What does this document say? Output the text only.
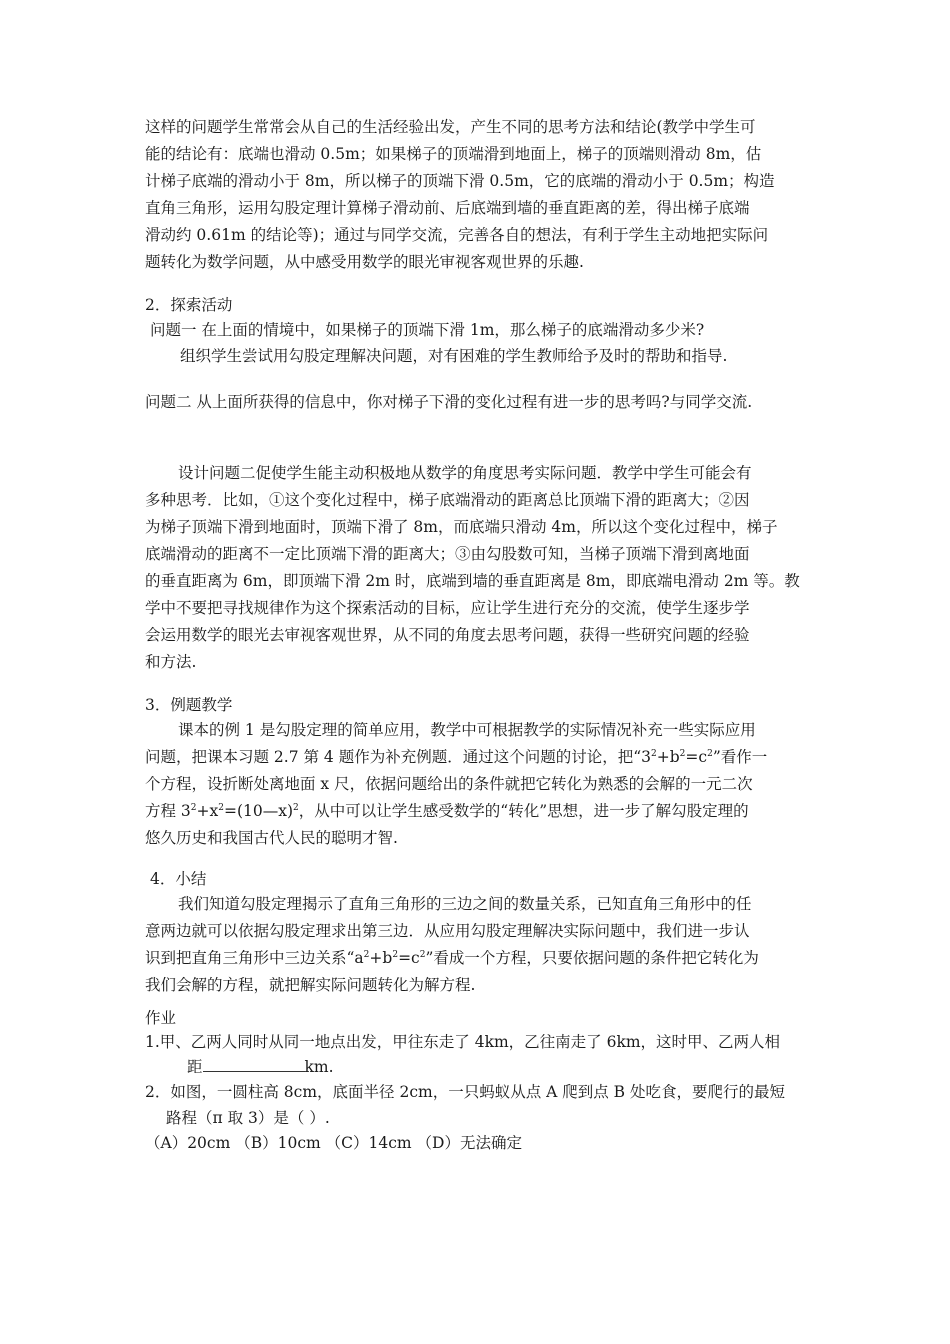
这样的问题学生常常会从自己的生活经验出发，产生不同的思考方法和结论(教学中学生可
能的结论有：底端也滑动 0.5m；如果梯子的顶端滑到地面上，梯子的顶端则滑动 8m，估
计梯子底端的滑动小于 8m，所以梯子的顶端下滑 0.5m，它的底端的滑动小于 0.5m；构造
直角三角形，运用勾股定理计算梯子滑动前、后底端到墙的垂直距离的差，得出梯子底端
滑动约 0.61m 的结论等)；通过与同学交流，完善各自的想法，有利于学生主动地把实际问
题转化为数学问题，从中感受用数学的眼光审视客观世界的乐趣.
2．探索活动
问题一 在上面的情境中，如果梯子的顶端下滑 1m，那么梯子的底端滑动多少米?
组织学生尝试用勾股定理解决问题，对有困难的学生教师给予及时的帮助和指导.
问题二 从上面所获得的信息中，你对梯子下滑的变化过程有进一步的思考吗?与同学交流.
设计问题二促使学生能主动积极地从数学的角度思考实际问题．教学中学生可能会有
多种思考．比如，①这个变化过程中，梯子底端滑动的距离总比顶端下滑的距离大；②因
为梯子顶端下滑到地面时，顶端下滑了 8m，而底端只滑动 4m，所以这个变化过程中，梯子
底端滑动的距离不一定比顶端下滑的距离大；③由勾股数可知，当梯子顶端下滑到离地面
的垂直距离为 6m，即顶端下滑 2m 时，底端到墙的垂直距离是 8m，即底端电滑动 2m 等。教
学中不要把寻找规律作为这个探索活动的目标，应让学生进行充分的交流，使学生逐步学
会运用数学的眼光去审视客观世界，从不同的角度去思考问题，获得一些研究问题的经验
和方法.
3．例题教学
课本的例 1 是勾股定理的简单应用，教学中可根据教学的实际情况补充一些实际应用
问题，把课本习题 2.7 第 4 题作为补充例题．通过这个问题的讨论，把“$3^2+b^2=c^2$”看作一
个方程，设折断处离地面 x 尺，依据问题给出的条件就把它转化为熟悉的会解的一元二次
方程 $3^2+x^2=(10—x)^2$，从中可以让学生感受数学的“转化”思想，进一步了解勾股定理的
悠久历史和我国古代人民的聪明才智.
4．小结
我们知道勾股定理揭示了直角三角形的三边之间的数量关系，已知直角三角形中的任
意两边就可以依据勾股定理求出第三边．从应用勾股定理解决实际问题中，我们进一步认
识到把直角三角形中三边关系“$a^2+b^2=c^2$”看成一个方程，只要依据问题的条件把它转化为
我们会解的方程，就把解实际问题转化为解方程.
作业
1.甲、乙两人同时从同一地点出发，甲往东走了 4km，乙往南走了 6km，这时甲、乙两人相
距	km.
2．如图，一圆柱高 8cm，底面半径 2cm，一只蚂蚁从点 A 爬到点 B 处吃食，要爬行的最短
路程（π 取 3）是（ ）.
（A）20cm （B）10cm （C）14cm （D）无法确定
